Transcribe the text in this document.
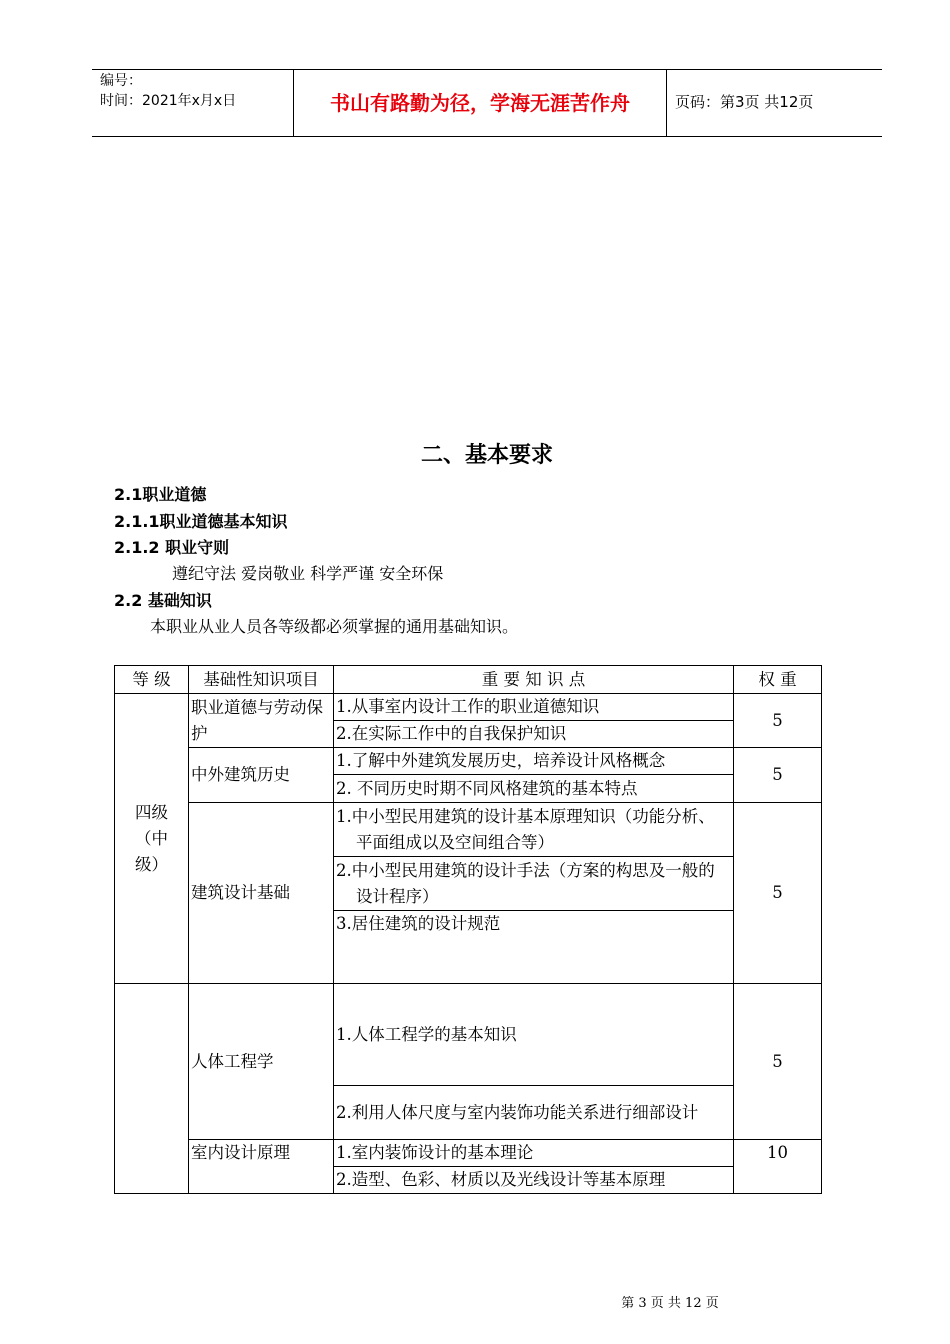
编号：
时间：2021年x月x日	书山有路勤为径，学海无涯苦作舟	页码：第3页 共12页
二、基本要求
2.1职业道德
2.1.1职业道德基本知识
2.1.2 职业守则
遵纪守法 爱岗敬业 科学严谨 安全环保
2.2 基础知识
本职业从业人员各等级都必须掌握的通用基础知识。
等 级	基础性知识项目	重 要 知 识 点	权 重
四级（中级）	职业道德与劳动保护	1.从事室内设计工作的职业道德知识	5
		2.在实际工作中的自我保护知识	
	中外建筑历史	1.了解中外建筑发展历史，培养设计风格概念	5
		2. 不同历史时期不同风格建筑的基本特点	
	建筑设计基础	1.中小型民用建筑的设计基本原理知识（功能分析、平面组成以及空间组合等）	5

		2.中小型民用建筑的设计手法（方案的构思及一般的设计程序）	

		3.居住建筑的设计规范	
	人体工程学	1.人体工程学的基本知识	5

		2.利用人体尺度与室内装饰功能关系进行细部设计	

	室内设计原理	1.室内装饰设计的基本理论	10
		2.造型、色彩、材质以及光线设计等基本原理	
第 3 页 共 12 页
